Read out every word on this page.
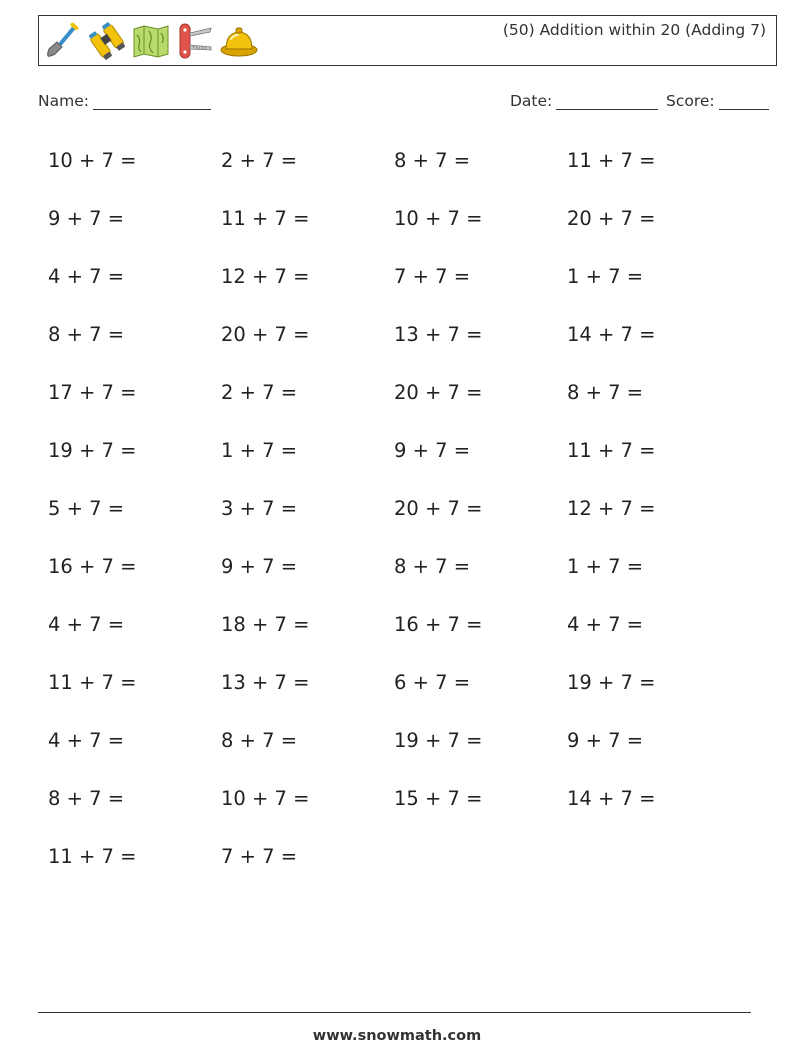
(50) Addition within 20 (Adding 7)
Name:	Date:	Score:
10 + 7 =	2 + 7 =	8 + 7 =	11 + 7 =
9 + 7 =	11 + 7 =	10 + 7 =	20 + 7 =
4 + 7 =	12 + 7 =	7 + 7 =	1 + 7 =
8 + 7 =	20 + 7 =	13 + 7 =	14 + 7 =
17 + 7 =	2 + 7 =	20 + 7 =	8 + 7 =
19 + 7 =	1 + 7 =	9 + 7 =	11 + 7 =
5 + 7 =	3 + 7 =	20 + 7 =	12 + 7 =
16 + 7 =	9 + 7 =	8 + 7 =	1 + 7 =
4 + 7 =	18 + 7 =	16 + 7 =	4 + 7 =
11 + 7 =	13 + 7 =	6 + 7 =	19 + 7 =
4 + 7 =	8 + 7 =	19 + 7 =	9 + 7 =
8 + 7 =	10 + 7 =	15 + 7 =	14 + 7 =
11 + 7 =	7 + 7 =
www.snowmath.com
